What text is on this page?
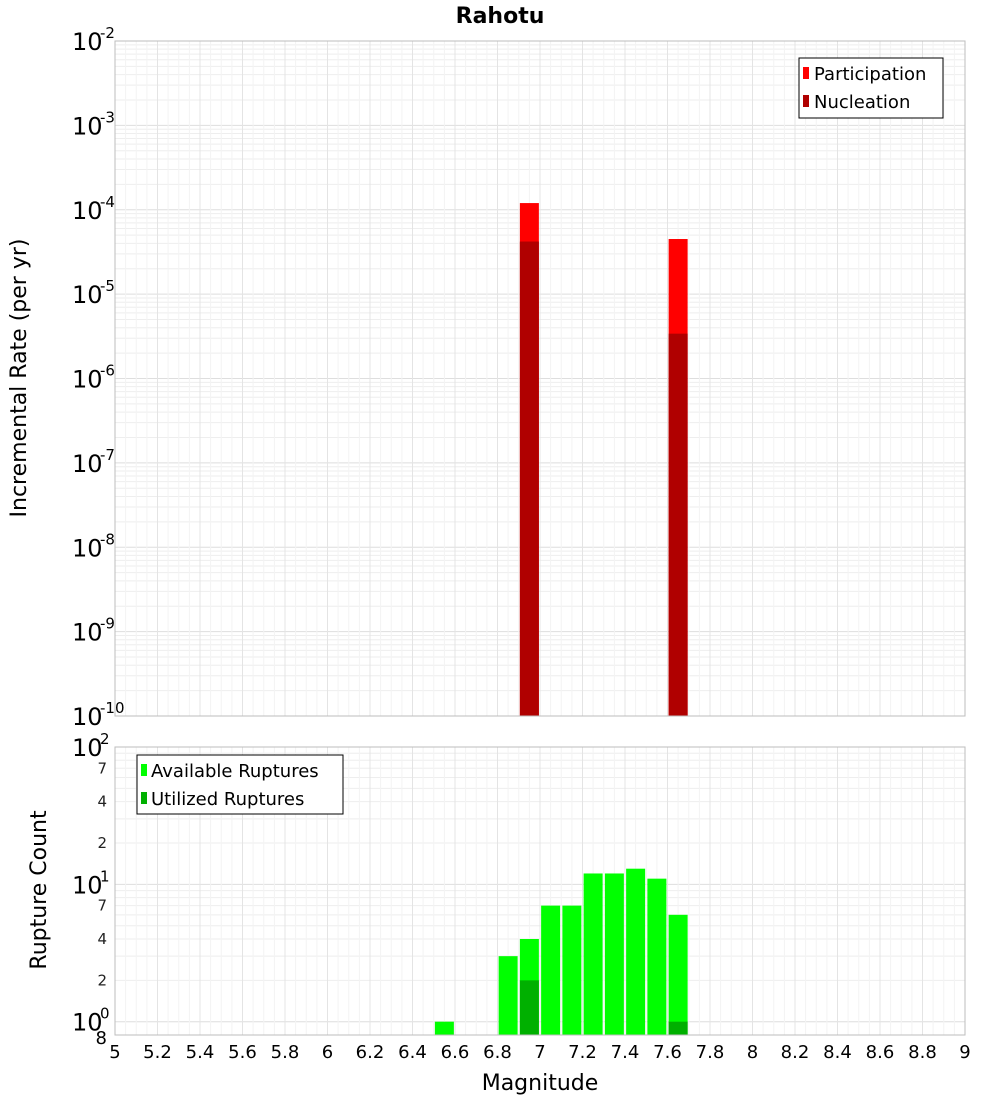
Rahotu
Incremental Rate (per yr)
Rupture Count
Magnitude
10
-10
10
-9
10
-8
10
-7
10
-6
10
-5
10
-4
10
-3
10
-2
Participation
Nucleation
10
0
10
1
10
2
8
2
4
7
2
4
7
5 5.2 5.4 5.6 5.8 6 6.2 6.4 6.6 6.8 7 7.2 7.4 7.6 7.8 8 8.2 8.4 8.6 8.8 9
Available Ruptures
Utilized Ruptures
